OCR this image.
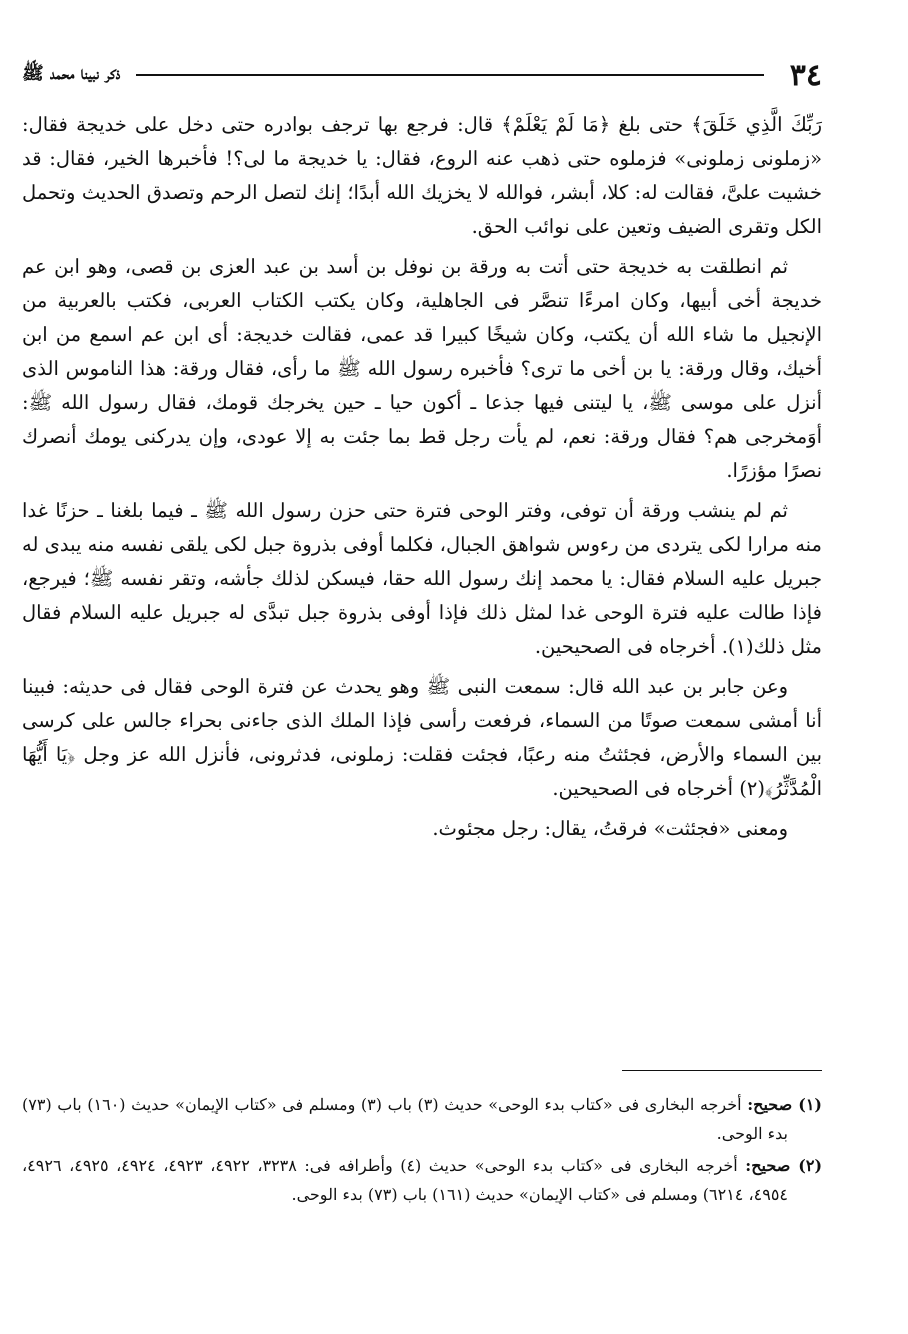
٣٤
ذكر نبينا محمد ﷺ

رَبِّكَ الَّذِي خَلَقَ﴾ حتى بلغ ﴿مَا لَمْ يَعْلَمْ﴾ قال: فرجع بها ترجف بوادره حتى دخل على خديجة فقال: «زملونى زملونى» فزملوه حتى ذهب عنه الروع، فقال: يا خديجة ما لى؟! فأخبرها الخير، فقال: قد خشيت علىَّ، فقالت له: كلا، أبشر، فوالله لا يخزيك الله أبدًا؛ إنك لتصل الرحم وتصدق الحديث وتحمل الكل وتقرى الضيف وتعين على نوائب الحق.

ثم انطلقت به خديجة حتى أتت به ورقة بن نوفل بن أسد بن عبد العزى بن قصى، وهو ابن عم خديجة أخى أبيها، وكان امرءًا تنصَّر فى الجاهلية، وكان يكتب الكتاب العربى، فكتب بالعربية من الإنجيل ما شاء الله أن يكتب، وكان شيخًا كبيرا قد عمى، فقالت خديجة: أى ابن عم اسمع من ابن أخيك، وقال ورقة: يا بن أخى ما ترى؟ فأخبره رسول الله ﷺ ما رأى، فقال ورقة: هذا الناموس الذى أنزل على موسى ﷺ، يا ليتنى فيها جذعا ـ أكون حيا ـ حين يخرجك قومك، فقال رسول الله ﷺ: أوَمخرجى هم؟ فقال ورقة: نعم، لم يأت رجل قط بما جئت به إلا عودى، وإن يدركنى يومك أنصرك نصرًا مؤزرًا.

ثم لم ينشب ورقة أن توفى، وفتر الوحى فترة حتى حزن رسول الله ﷺ ـ فيما بلغنا ـ حزنًا غدا منه مرارا لكى يتردى من رءوس شواهق الجبال، فكلما أوفى بذروة جبل لكى يلقى نفسه منه يبدى له جبريل عليه السلام فقال: يا محمد إنك رسول الله حقا، فيسكن لذلك جأشه، وتقر نفسه ﷺ؛ فيرجع، فإذا طالت عليه فترة الوحى غدا لمثل ذلك فإذا أوفى بذروة جبل تبدَّى له جبريل عليه السلام فقال مثل ذلك(١). أخرجاه فى الصحيحين.

وعن جابر بن عبد الله قال: سمعت النبى ﷺ وهو يحدث عن فترة الوحى فقال فى حديثه: فبينا أنا أمشى سمعت صوتًا من السماء، فرفعت رأسى فإذا الملك الذى جاءنى بحراء جالس على كرسى بين السماء والأرض، فجئثتُ منه رعبًا، فجئت فقلت: زملونى، فدثرونى، فأنزل الله عز وجل ﴿يَا أَيُّهَا الْمُدَّثِّرُ﴾(٢) أخرجاه فى الصحيحين.

ومعنى «فجئثت» فرقتُ، يقال: رجل مجئوث.

(١) صحيح: أخرجه البخارى فى «كتاب بدء الوحى» حديث (٣) باب (٣) ومسلم فى «كتاب الإيمان» حديث (١٦٠) باب (٧٣) بدء الوحى.

(٢) صحيح: أخرجه البخارى فى «كتاب بدء الوحى» حديث (٤) وأطرافه فى: ٣٢٣٨، ٤٩٢٢، ٤٩٢٣، ٤٩٢٤، ٤٩٢٥، ٤٩٢٦، ٤٩٥٤، ٦٢١٤) ومسلم فى «كتاب الإيمان» حديث (١٦١) باب (٧٣) بدء الوحى.
